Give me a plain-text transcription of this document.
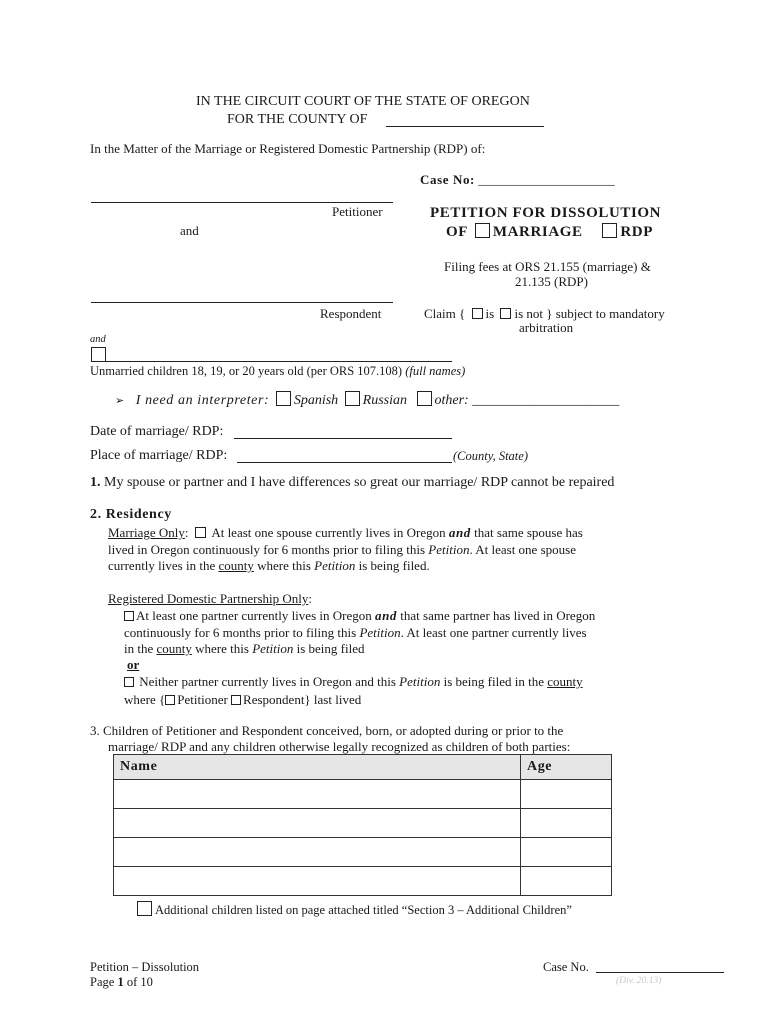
IN THE CIRCUIT COURT OF THE STATE OF OREGON
FOR THE COUNTY OF
In the Matter of the Marriage or Registered Domestic Partnership (RDP) of:
Case No: _____________________
Petitioner
and
PETITION FOR DISSOLUTION
OF MARRIAGE	RDP
Filing fees at ORS 21.155 (marriage) &
21.135 (RDP)
Respondent	Claim { is is not } subject to mandatory
arbitration
and
Unmarried children 18, 19, or 20 years old (per ORS 107.108) (full names)
➢ I need an interpreter: Spanish Russian other: _____________________
Date of marriage/ RDP:
Place of marriage/ RDP:	(County, State)
1. My spouse or partner and I have differences so great our marriage/ RDP cannot be repaired
2. Residency
Marriage Only:  At least one spouse currently lives in Oregon and that same spouse has
lived in Oregon continuously for 6 months prior to filing this Petition. At least one spouse
currently lives in the county where this Petition is being filed.
Registered Domestic Partnership Only:
At least one partner currently lives in Oregon and that same partner has lived in Oregon
continuously for 6 months prior to filing this Petition. At least one partner currently lives
in the county where this Petition is being filed
or
Neither partner currently lives in Oregon and this Petition is being filed in the county
where { Petitioner Respondent} last lived
3. Children of Petitioner and Respondent conceived, born, or adopted during or prior to the
marriage/ RDP and any children otherwise legally recognized as children of both parties:
Name	Age

Additional children listed on page attached titled “Section 3 – Additional Children”
Petition – Dissolution
Page 1 of 10
Case No.
(Div. 20.13)
